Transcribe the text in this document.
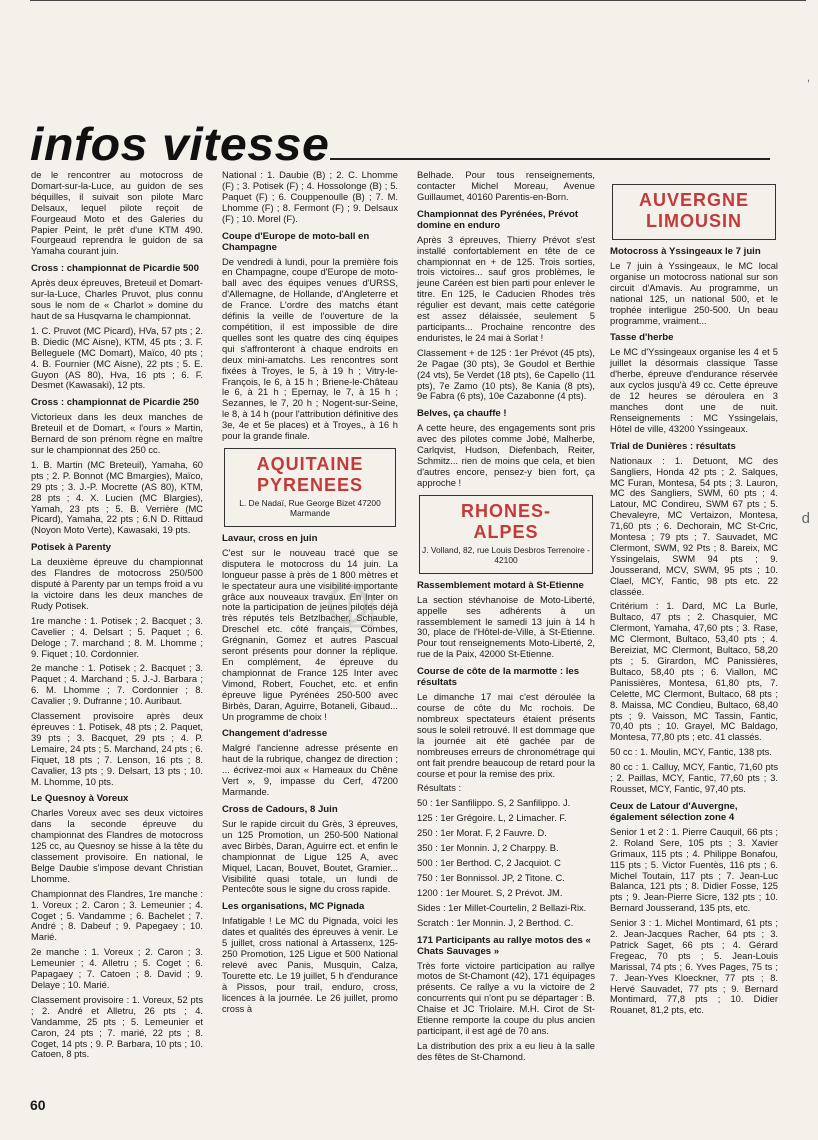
infos vitesse

de le rencontrer au motocross de Domart-sur-la-Luce, au guidon de ses béquilles, il suivait son pilote Marc Delsaux, lequel pilote reçoit de Fourgeaud Moto et des Galeries du Papier Peint, le prêt d'une KTM 490. Fourgeaud reprendra le guidon de sa Yamaha courant juin.

Cross : championnat de Picardie 500

Après deux épreuves, Breteuil et Domart-sur-la-Luce, Charles Pruvot, plus connu sous le nom de « Charlot » domine du haut de sa Husqvarna le championnat.

1. C. Pruvot (MC Picard), HVa, 57 pts ; 2. B. Diedic (MC Aisne), KTM, 45 pts ; 3. F. Belleguele (MC Domart), Maïco, 40 pts ; 4. B. Fournier (MC Aisne), 22 pts ; 5. E. Guyon (AS 80), Hva, 16 pts ; 6. F. Desmet (Kawasaki), 12 pts.

Cross : championnat de Picardie 250

Victorieux dans les deux manches de Breteuil et de Domart, « l'ours » Martin, Bernard de son prénom règne en maître sur le championnat des 250 cc.

1. B. Martin (MC Breteuil), Yamaha, 60 pts ; 2. P. Bonnot (MC Bmargies), Maïco, 29 pts ; 3. J.-P. Mocrette (AS 80), KTM, 28 pts ; 4. X. Lucien (MC Blargies), Yamah, 23 pts ; 5. B. Verrière (MC Picard), Yamaha, 22 pts ; 6.N D. Rittaud (Noyon Moto Verte), Kawasaki, 19 pts.

Potisek à Parenty

La deuxième épreuve du championnat des Flandres de motocross 250/500 disputé à Parenty par un temps froid a vu la victoire dans les deux manches de Rudy Potisek.

1re manche : 1. Potisek ; 2. Bacquet ; 3. Cavelier ; 4. Delsart ; 5. Paquet ; 6. Deloge ; 7. marchand ; 8. M. Lhomme ; 9. Fiquet ; 10. Cordonnier.

2e manche : 1. Potisek ; 2. Bacquet ; 3. Paquet ; 4. Marchand ; 5. J.-J. Barbara ; 6. M. Lhomme ; 7. Cordonnier ; 8. Cavalier ; 9. Dufranne ; 10. Auribaut.

Classement provisoire après deux épreuves : 1. Potisek, 48 pts ; 2. Paquet, 39 pts ; 3. Bacquet, 29 pts ; 4. P. Lemaire, 24 pts ; 5. Marchand, 24 pts ; 6. Fiquet, 18 pts ; 7. Lenson, 16 pts ; 8. Cavalier, 13 pts ; 9. Delsart, 13 pts ; 10. M. Lhomme, 10 pts.

Le Quesnoy à Voreux

Charles Voreux avec ses deux victoires dans la seconde épreuve du championnat des Flandres de motocross 125 cc, au Quesnoy se hisse à la tête du classement provisoire. En national, le Belge Daubie s'impose devant Christian Lhomme.

Championnat des Flandres, 1re manche : 1. Voreux ; 2. Caron ; 3. Lemeunier ; 4. Coget ; 5. Vandamme ; 6. Bachelet ; 7. André ; 8. Dabeuf ; 9. Papegaey ; 10. Marié.

2e manche : 1. Voreux ; 2. Caron ; 3. Lemeunier ; 4. Alletru ; 5. Coget ; 6. Papagaey ; 7. Catoen ; 8. David ; 9. Delaye ; 10. Marié.

Classement provisoire : 1. Voreux, 52 pts ; 2. André et Alletru, 26 pts ; 4. Vandamme, 25 pts ; 5. Lemeunier et Caron, 24 pts ; 7. marié, 22 pts ; 8. Coget, 14 pts ; 9. P. Barbara, 10 pts ; 10. Catoen, 8 pts.

National : 1. Daubie (B) ; 2. C. Lhomme (F) ; 3. Potisek (F) ; 4. Hossolonge (B) ; 5. Paquet (F) ; 6. Couppenoulle (B) ; 7. M. Lhomme (F) ; 8. Fermont (F) ; 9. Delsaux (F) ; 10. Morel (F).

Coupe d'Europe de moto-ball en Champagne

De vendredi à lundi, pour la première fois en Champagne, coupe d'Europe de moto-ball avec des équipes venues d'URSS, d'Allemagne, de Hollande, d'Angleterre et de France. L'ordre des matchs étant définis la veille de l'ouverture de la compétition, il est impossible de dire quelles sont les quatre des cinq équipes qui s'affronteront à chaque endroits en deux mini-amatchs. Les rencontres sont fixées à Troyes, le 5, à 19 h ; Vitry-le-François, le 6, à 15 h ; Briene-le-Château le 6, à 21 h ; Epernay, le 7, à 15 h ; Sezannes, le 7, 20 h ; Nogent-sur-Seine, le 8, à 14 h (pour l'attribution définitive des 3e, 4e et 5e places) et à Troyes,, à 16 h pour la grande finale.

AQUITAINE
PYRENEES
L. De Nadaï, Rue George Bizet 47200 Marmande
Lavaur, cross en juin

C'est sur le nouveau tracé que se disputera le motocross du 14 juin. La longueur passe à près de 1 800 mètres et le spectateur aura une visibilité importante grâce aux nouveaux travaux. En Inter on note la participation de jeunes pilotes déjà très réputés tels Betzlbacher, Schauble, Dreschel etc. côté français, Combes, Grégnanin, Gomez et autres Pascual seront présents pour donner la réplique. En complément, 4e épreuve du championnat de France 125 Inter avec Vimond, Robert, Fouchet, etc. et enfin épreuve ligue Pyrénées 250-500 avec Birbès, Daran, Aguirre, Botaneli, Gibaud... Un programme de choix !

Changement d'adresse

Malgré l'ancienne adresse présente en haut de la rubrique, changez de direction ; ... écrivez-moi aux « Hameaux du Chêne Vert », 9, impasse du Cerf, 47200 Marmande.

Cross de Cadours, 8 Juin

Sur le rapide circuit du Grès, 3 épreuves, un 125 Promotion, un 250-500 National avec Birbès, Daran, Aguirre ect. et enfin le championnat de Ligue 125 A, avec Miquel, Lacan, Bouvet, Boutet, Gramier... Visibilité quasi totale, un lundi de Pentecôte sous le signe du cross rapide.

Les organisations, MC Pignada

Infatigable ! Le MC du Pignada, voici les dates et qualités des épreuves à venir. Le 5 juillet, cross national à Artassenx, 125-250 Promotion, 125 Ligue et 500 National relevé avec Panis, Musquin, Calza, Tourette etc. Le 19 juillet, 5 h d'endurance à Pissos, pour trail, enduro, cross, licences à la journée. Le 26 juillet, promo cross à

Belhade. Pour tous renseignements, contacter Michel Moreau, Avenue Guillaumet, 40160 Parentis-en-Born.

Championnat des Pyrénées, Prévot domine en enduro

Après 3 épreuves, Thierry Prévot s'est installé confortablement en tête de ce championnat en + de 125. Trois sorties, trois victoires... sauf gros problèmes, le jeune Caréen est bien parti pour enlever le titre. En 125, le Caducien Rhodes très régulier est devant, mais cette catégorie est assez délaissée, seulement 5 participants... Prochaine rencontre des enduristes, le 24 mai à Sorlat !

Classement + de 125 : 1er Prévot (45 pts), 2e Pagae (30 pts), 3e Goudol et Berthie (24 vts), 5e Verdet (18 pts), 6e Capello (11 pts), 7e Zamo (10 pts), 8e Kania (8 pts), 9e Fabra (6 pts), 10e Cazabonne (4 pts).

Belves, ça chauffe !

A cette heure, des engagements sont pris avec des pilotes comme Jobé, Malherbe, Carlqvist, Hudson, Diefenbach, Reiter, Schmitz... rien de moins que cela, et bien d'autres encore, pensez-y bien fort, ça approche !

RHONES-
ALPES
J. Volland, 82, rue Louis Desbros Terrenoire - 42100
Rassemblement motard à St-Etienne

La section stévhanoise de Moto-Liberté, appelle ses adhérents à un rassemblement le samedi 13 juin à 14 h 30, place de l'Hôtel-de-Ville, à St-Etienne. Pour tout renseignements Moto-Liberté, 2, rue de la Paix, 42000 St-Etienne.

Course de côte de la marmotte : les résultats

Le dimanche 17 mai c'est déroulée la course de côte du Mc rochois. De nombreux spectateurs étaient présents sous le soleil retrouvé. Il est dommage que la journée ait été gachée par de nombreuses erreurs de chronométrage qui ont fait prendre beaucoup de retard pour la course et pour la remise des prix.

Résultats :

50 : 1er Sanfilippo. S, 2 Sanfilippo. J.

125 : 1er Grégoire. L, 2 Limacher. F.

250 : 1er Morat. F, 2 Fauvre. D.

350 : 1er Monnin. J, 2 Charppy. B.

500 : 1er Berthod. C, 2 Jacquiot. C

750 : 1er Bonnissol. JP, 2 Titone. C.

1200 : 1er Mouret. S, 2 Prévot. JM.

Sides : 1er Millet-Courtelin, 2 Bellazi-Rix.

Scratch : 1er Monnin. J, 2 Berthod. C.

171 Participants au rallye motos des « Chats Sauvages »

Très forte victoire participation au rallye motos de St-Chamont (42), 171 équipages présents. Ce rallye a vu la victoire de 2 concurrents qui n'ont pu se départager : B. Chaise et JC Triolaire. M.H. Cirot de St-Etienne remporte la coupe du plus ancien participant, il est agé de 70 ans.

La distribution des prix a eu lieu à la salle des fêtes de St-Chamond.

AUVERGNE
LIMOUSIN
Motocross à Yssingeaux le 7 juin

Le 7 juin à Yssingeaux, le MC local organise un motocross national sur son circuit d'Amavis. Au programme, un national 125, un national 500, et le trophée interligue 250-500. Un beau programme, vraiment...

Tasse d'herbe

Le MC d'Yssingeaux organise les 4 et 5 juillet la désormais classique Tasse d'herbe, épreuve d'endurance réservée aux cyclos jusqu'à 49 cc. Cette épreuve de 12 heures se déroulera en 3 manches dont une de nuit. Renseignements : MC Yssingelais, Hôtel de ville, 43200 Yssingeaux.

Trial de Dunières : résultats

Nationaux : 1. Detuont, MC des Sangliers, Honda 42 pts ; 2. Salques, MC Furan, Montesa, 54 pts ; 3. Lauron, MC des Sangliers, SWM, 60 pts ; 4. Latour, MC Condireu, SWM 67 pts ; 5. Chevaleyre, MC Vertaizon, Montesa, 71,60 pts ; 6. Dechorain, MC St-Cric, Montesa ; 79 pts ; 7. Sauvadet, MC Clermont, SWM, 92 Pts ; 8. Bareix, MC Yssingelais, SWM 94 pts ; 9. Jousserand, MCV, SWM, 95 pts ; 10. Clael, MCY, Fantic, 98 pts etc. 22 classée.

Critérium : 1. Dard, MC La Burle, Bultaco, 47 pts ; 2. Chasquier, MC Clermont, Yamaha, 47,60 pts ; 3. Rase, MC Clermont, Bultaco, 53,40 pts ; 4. Bereiziat, MC Clermont, Bultaco, 58,20 pts ; 5. Girardon, MC Panissières, Bultaco, 58,40 pts ; 6. Viallon, MC Panissières, Montesa, 61,80 pts, 7. Celette, MC Clermont, Bultaco, 68 pts ; 8. Maissa, MC Condieu, Bultaco, 68,40 pts ; 9. Vaisson, MC Tassin, Fantic, 70,40 pts ; 10. Grayel, MC Baldago, Montesa, 77,80 pts ; etc. 41 classés.

50 cc : 1. Moulin, MCY, Fantic, 138 pts.

80 cc : 1. Calluy, MCY, Fantic, 71,60 pts ; 2. Paillas, MCY, Fantic, 77,60 pts ; 3. Rousset, MCY, Fantic, 97,40 pts.

Ceux de Latour d'Auvergne, également sélection zone 4

Senior 1 et 2 : 1. Pierre Cauquil, 66 pts ; 2. Roland Sere, 105 pts ; 3. Xavier Grimaux, 115 pts ; 4. Philippe Bonafou, 115 pts ; 5. Victor Fuentès, 116 pts ; 6. Michel Toutain, 117 pts ; 7. Jean-Luc Balanca, 121 pts ; 8. Didier Fosse, 125 pts ; 9. Jean-Pierre Sicre, 132 pts ; 10. Bernard Jousserand, 135 pts, etc.

Senior 3 : 1. Michel Montimard, 61 pts ; 2. Jean-Jacques Racher, 64 pts ; 3. Patrick Saget, 66 pts ; 4. Gérard Fregeac, 70 pts ; 5. Jean-Louis Marissal, 74 pts ; 6. Yves Pages, 75 ts ; 7. Jean-Yves Kloeckner, 77 pts ; 8. Hervé Sauvadet, 77 pts ; 9. Bernard Montimard, 77,8 pts ; 10. Didier Rouanet, 81,2 pts, etc.

60
,
d
